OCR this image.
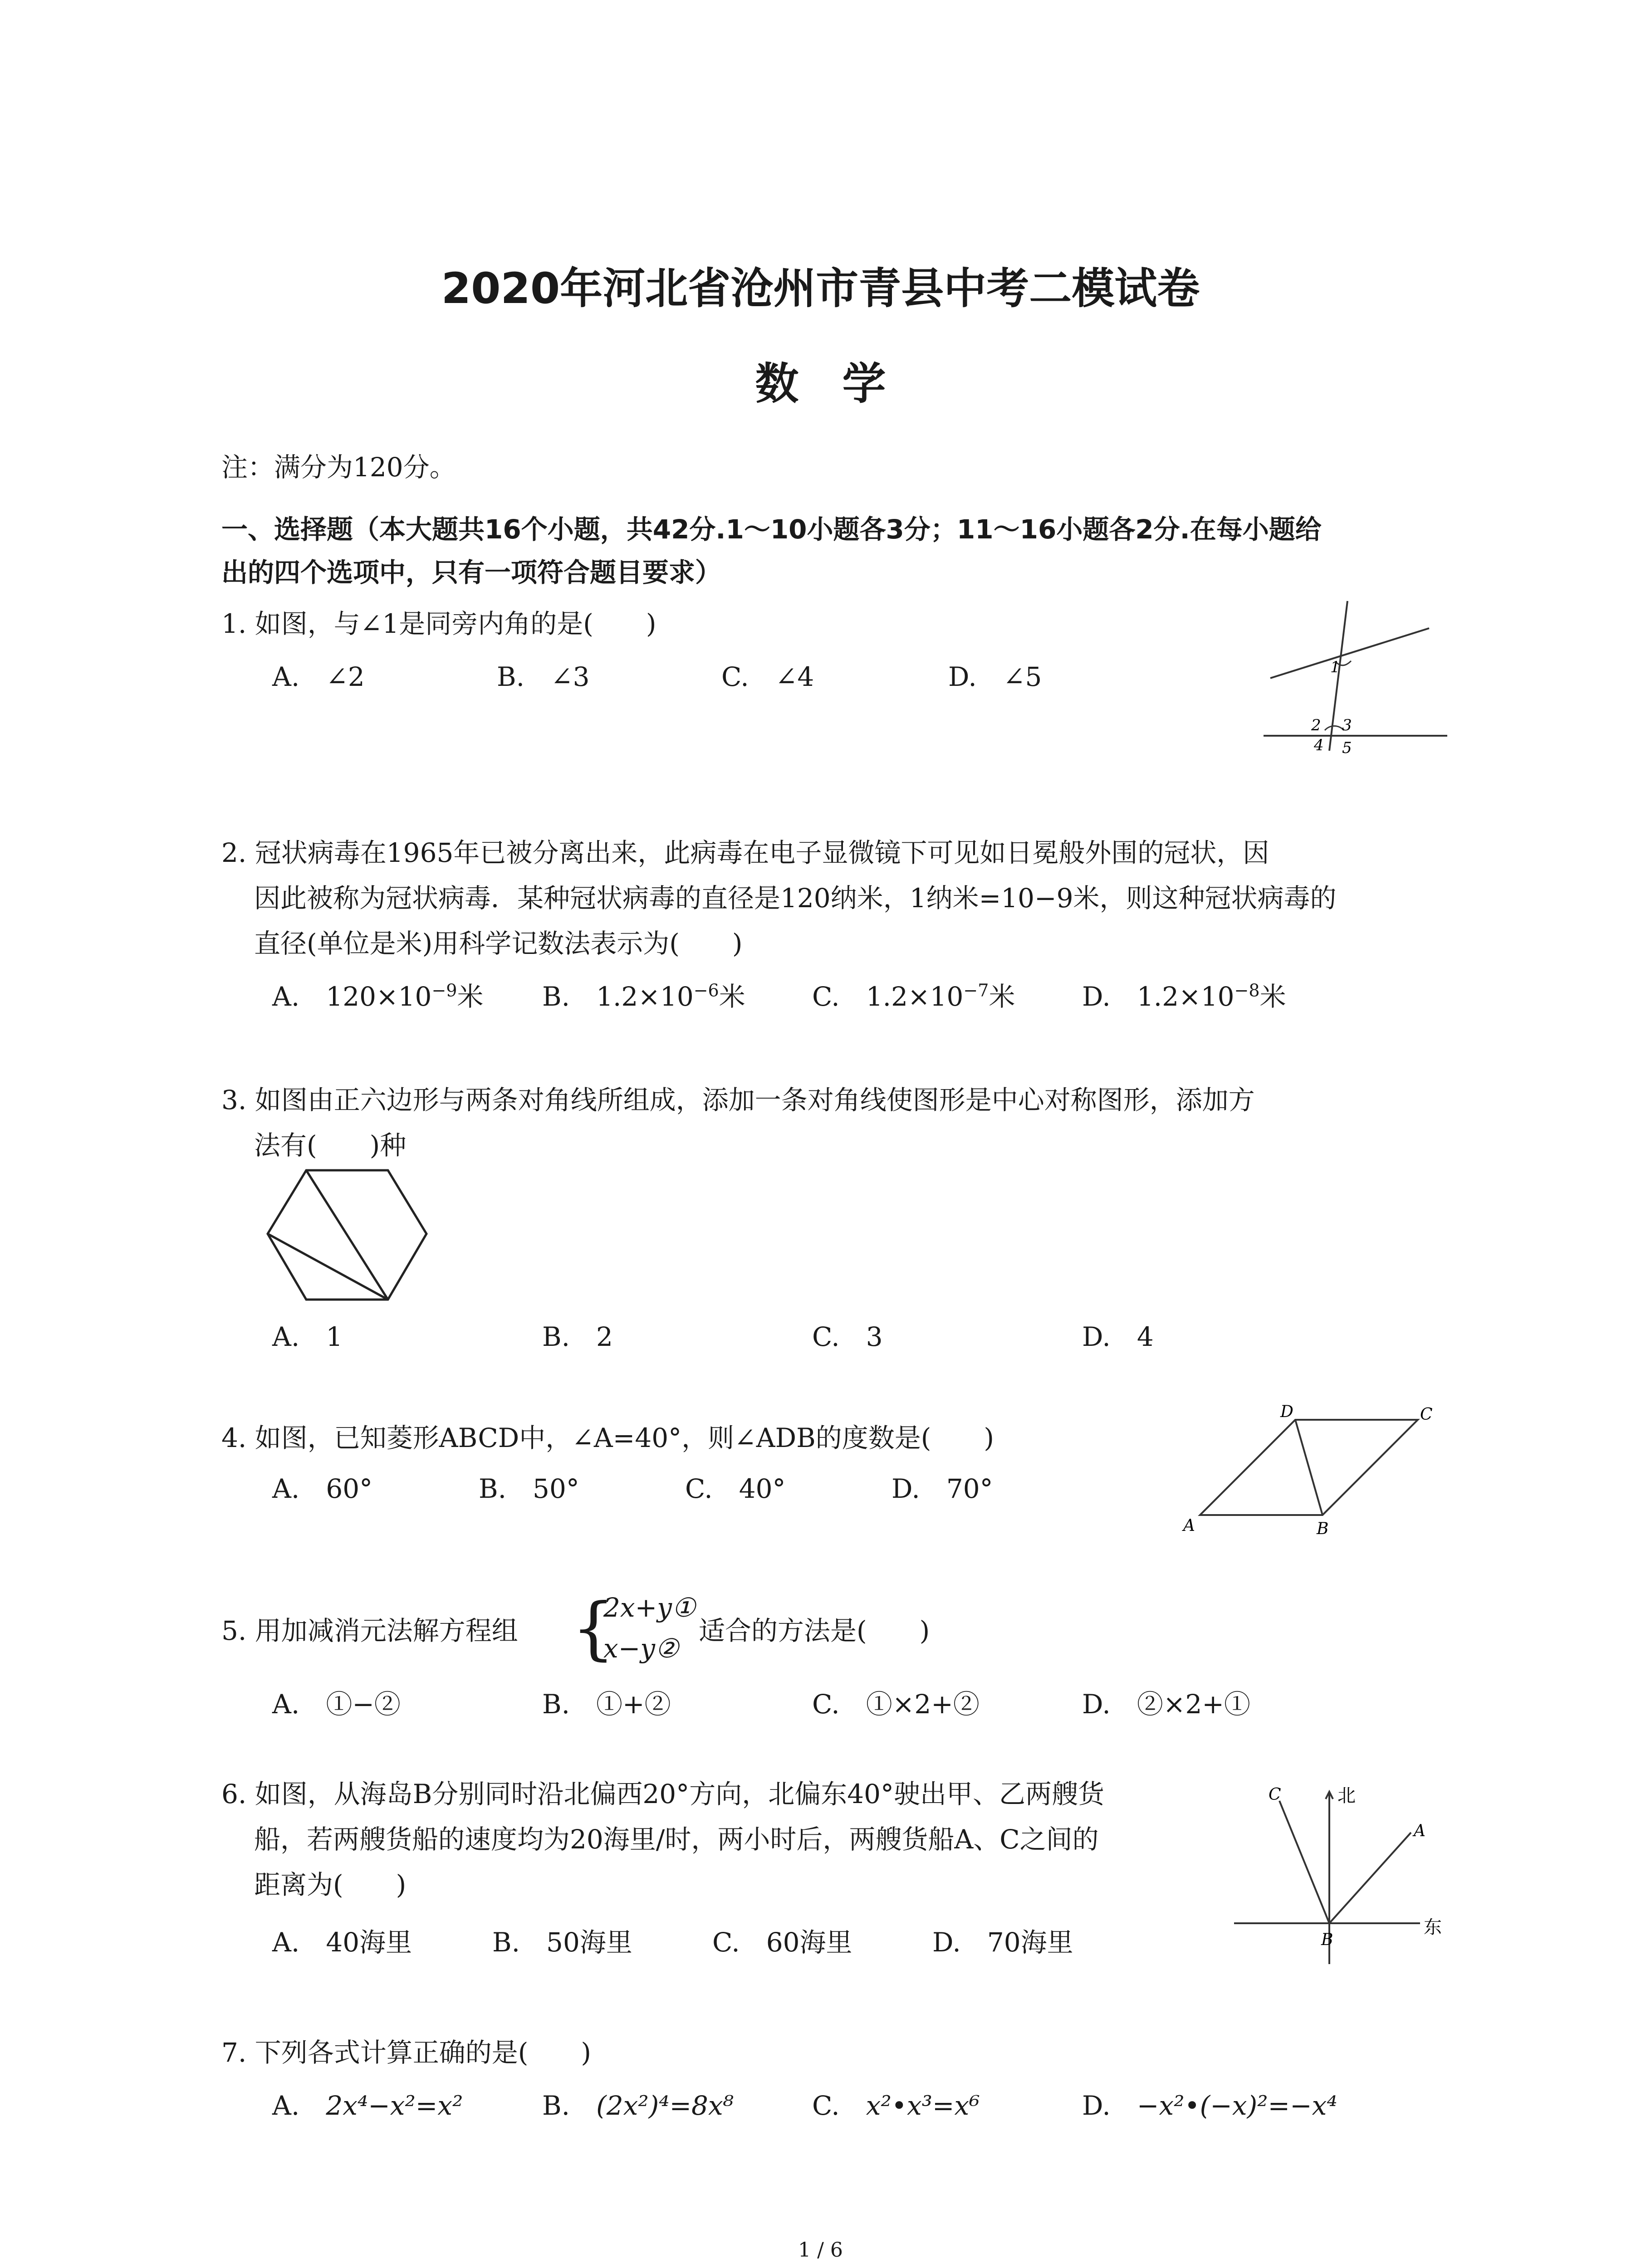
2020年河北省沧州市青县中考二模试卷
数　学
注：满分为120分。
一、选择题（本大题共16个小题，共42分.1～10小题各3分；11～16小题各2分.在每小题给
出的四个选项中，只有一项符合题目要求）
1. 如图，与∠1是同旁内角的是(　　)
A.　∠2	B.　∠3	C.　∠4	D.　∠5	1
2 3
4 5
2. 冠状病毒在1965年已被分离出来，此病毒在电子显微镜下可见如日冕般外围的冠状，因
因此被称为冠状病毒．某种冠状病毒的直径是120纳米，1纳米=10−9米，则这种冠状病毒的
直径(单位是米)用科学记数法表示为(　　)
A.　 $120\times 10^{-9}$米 B.　 $1.2\times 10^{-6}$米	C.　 $1.2\times 10^{-7}$米	D.　 $1.2\times 10^{-8}$米
3. 如图由正六边形与两条对角线所组成，添加一条对角线使图形是中心对称图形，添加方
法有(　　)种
A.　1	B.　2	C.　3	D.　4
4. 如图，已知菱形ABCD中，∠A=40°，则∠ADB的度数是(　　)
A.　60°	B.　50°	C.　40°	D.　70°
A	B
C
D
5. 用加减消元法解方程组 {
2x+y①
x−y②
适合的方法是(　　)
A.　①−②	B.　①+②	C.　①×2+②	D.　②×2+①
6. 如图，从海岛B分别同时沿北偏西20°方向，北偏东40°驶出甲、乙两艘货
船，若两艘货船的速度均为20海里/时，两小时后，两艘货船A、C之间的
距离为(　　)
A.　40海里	B.　50海里	C.　60海里	D.　70海里
北
东
A
B
C
7. 下列各式计算正确的是(　　)
A.　 2x⁴−x²=x²	B.　 (2x²)⁴=8x⁸	C.　 x²•x³=x⁶	D.　 −x²•(−x)²=−x⁴
1 / 6
